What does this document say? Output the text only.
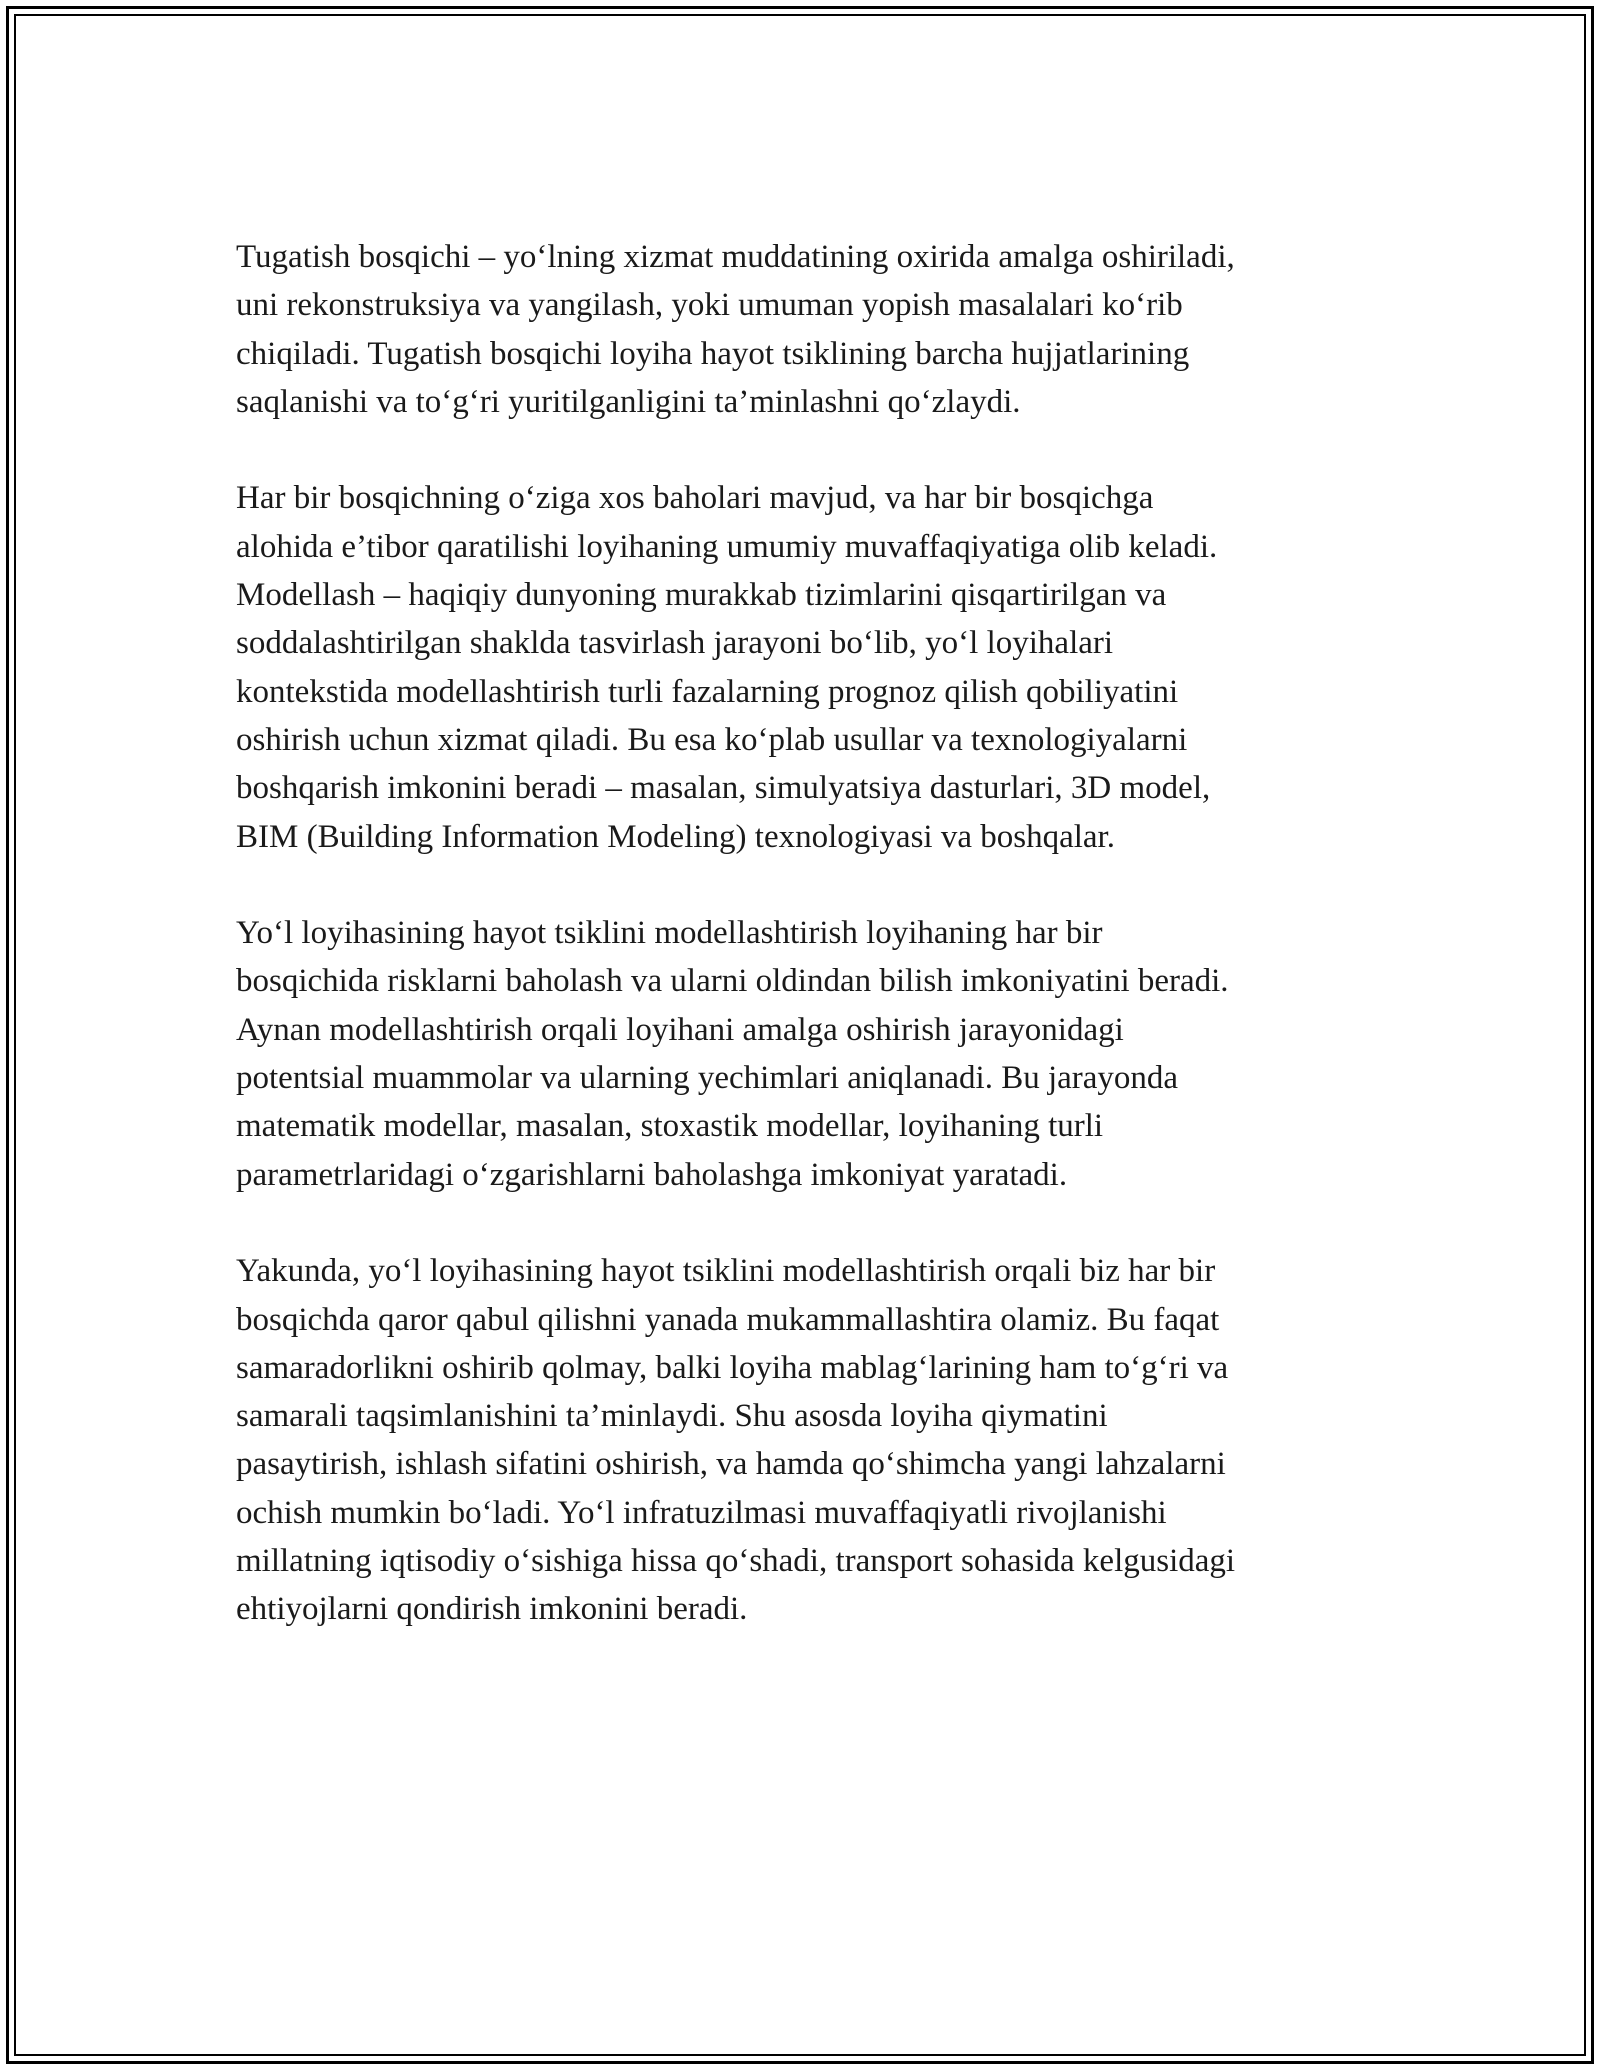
Tugatish bosqichi – yo‘lning xizmat muddatining oxirida amalga oshiriladi,
uni rekonstruksiya va yangilash, yoki umuman yopish masalalari ko‘rib
chiqiladi. Tugatish bosqichi loyiha hayot tsiklining barcha hujjatlarining
saqlanishi va to‘g‘ri yuritilganligini ta’minlashni qo‘zlaydi.

Har bir bosqichning o‘ziga xos baholari mavjud, va har bir bosqichga
alohida e’tibor qaratilishi loyihaning umumiy muvaffaqiyatiga olib keladi.
Modellash – haqiqiy dunyoning murakkab tizimlarini qisqartirilgan va
soddalashtirilgan shaklda tasvirlash jarayoni bo‘lib, yo‘l loyihalari
kontekstida modellashtirish turli fazalarning prognoz qilish qobiliyatini
oshirish uchun xizmat qiladi. Bu esa ko‘plab usullar va texnologiyalarni
boshqarish imkonini beradi – masalan, simulyatsiya dasturlari, 3D model,
BIM (Building Information Modeling) texnologiyasi va boshqalar.

Yo‘l loyihasining hayot tsiklini modellashtirish loyihaning har bir
bosqichida risklarni baholash va ularni oldindan bilish imkoniyatini beradi.
Aynan modellashtirish orqali loyihani amalga oshirish jarayonidagi
potentsial muammolar va ularning yechimlari aniqlanadi. Bu jarayonda
matematik modellar, masalan, stoxastik modellar, loyihaning turli
parametrlaridagi o‘zgarishlarni baholashga imkoniyat yaratadi.

Yakunda, yo‘l loyihasining hayot tsiklini modellashtirish orqali biz har bir
bosqichda qaror qabul qilishni yanada mukammallashtira olamiz. Bu faqat
samaradorlikni oshirib qolmay, balki loyiha mablag‘larining ham to‘g‘ri va
samarali taqsimlanishini ta’minlaydi. Shu asosda loyiha qiymatini
pasaytirish, ishlash sifatini oshirish, va hamda qo‘shimcha yangi lahzalarni
ochish mumkin bo‘ladi. Yo‘l infratuzilmasi muvaffaqiyatli rivojlanishi
millatning iqtisodiy o‘sishiga hissa qo‘shadi, transport sohasida kelgusidagi
ehtiyojlarni qondirish imkonini beradi.
